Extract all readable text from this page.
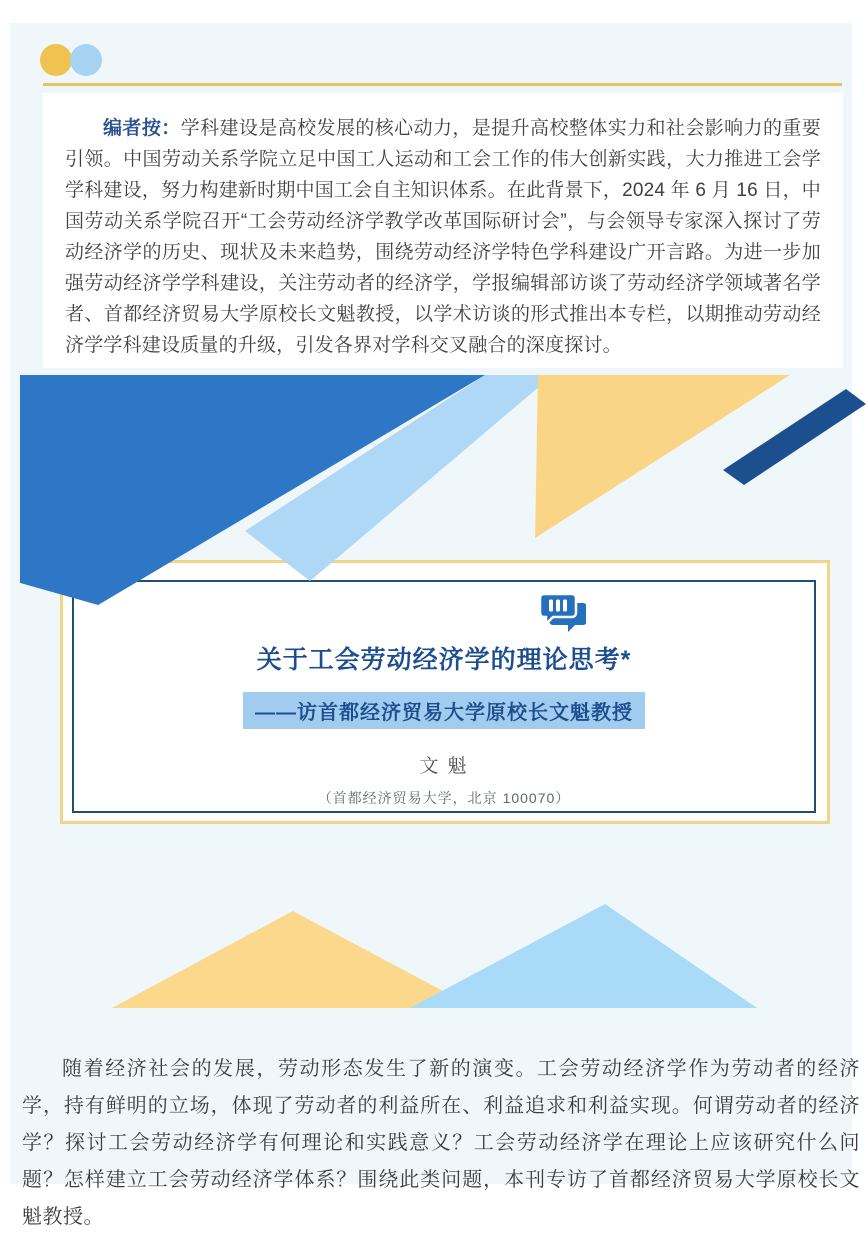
编者按：学科建设是高校发展的核心动力，是提升高校整体实力和社会影响力的重要引领。中国劳动关系学院立足中国工人运动和工会工作的伟大创新实践，大力推进工会学学科建设，努力构建新时期中国工会自主知识体系。在此背景下，2024 年 6 月 16 日，中国劳动关系学院召开“工会劳动经济学教学改革国际研讨会”，与会领导专家深入探讨了劳动经济学的历史、现状及未来趋势，围绕劳动经济学特色学科建设广开言路。为进一步加强劳动经济学学科建设，关注劳动者的经济学，学报编辑部访谈了劳动经济学领域著名学者、首都经济贸易大学原校长文魁教授，以学术访谈的形式推出本专栏，以期推动劳动经济学学科建设质量的升级，引发各界对学科交叉融合的深度探讨。

关于工会劳动经济学的理论思考*
——访首都经济贸易大学原校长文魁教授
文 魁
（首都经济贸易大学，北京 100070）

随着经济社会的发展，劳动形态发生了新的演变。工会劳动经济学作为劳动者的经济学，持有鲜明的立场，体现了劳动者的利益所在、利益追求和利益实现。何谓劳动者的经济学？探讨工会劳动经济学有何理论和实践意义？工会劳动经济学在理论上应该研究什么问题？怎样建立工会劳动经济学体系？围绕此类问题，本刊专访了首都经济贸易大学原校长文魁教授。
